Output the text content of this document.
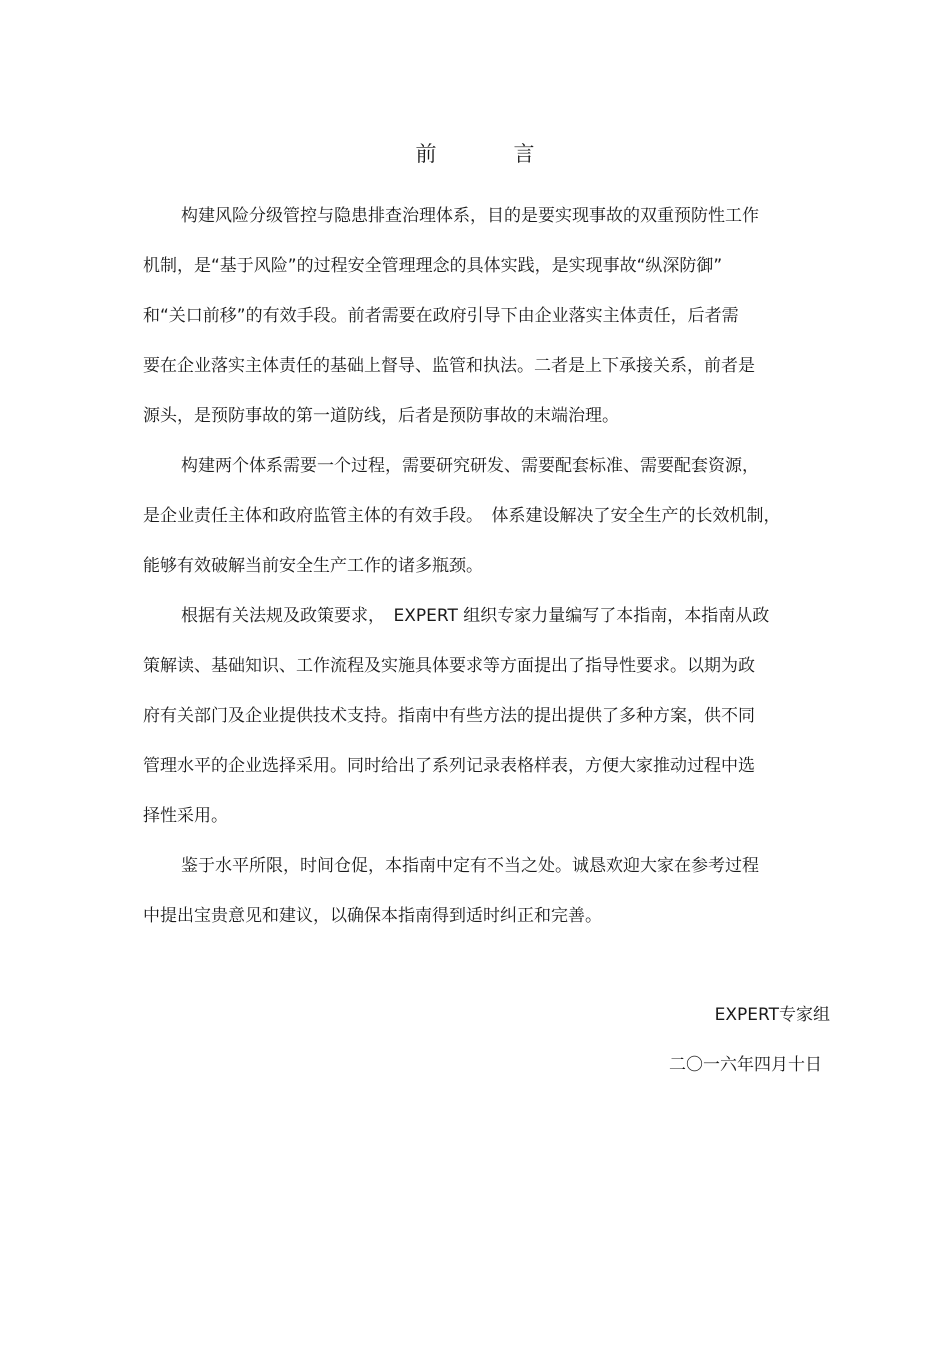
前　言
构建风险分级管控与隐患排查治理体系，目的是要实现事故的双重预防性工作
机制，是“基于风险”的过程安全管理理念的具体实践，是实现事故“纵深防御”
和“关口前移”的有效手段。前者需要在政府引导下由企业落实主体责任，后者需
要在企业落实主体责任的基础上督导、监管和执法。二者是上下承接关系，前者是
源头，是预防事故的第一道防线，后者是预防事故的末端治理。
构建两个体系需要一个过程，需要研究研发、需要配套标准、需要配套资源，
是企业责任主体和政府监管主体的有效手段。　体系建设解决了安全生产的长效机制，
能够有效破解当前安全生产工作的诸多瓶颈。
根据有关法规及政策要求，　EXPERT 组织专家力量编写了本指南，本指南从政
策解读、基础知识、工作流程及实施具体要求等方面提出了指导性要求。以期为政
府有关部门及企业提供技术支持。指南中有些方法的提出提供了多种方案，供不同
管理水平的企业选择采用。同时给出了系列记录表格样表，方便大家推动过程中选
择性采用。
鉴于水平所限，时间仓促，本指南中定有不当之处。诚恳欢迎大家在参考过程
中提出宝贵意见和建议，以确保本指南得到适时纠正和完善。
EXPERT专家组
二〇一六年四月十日
